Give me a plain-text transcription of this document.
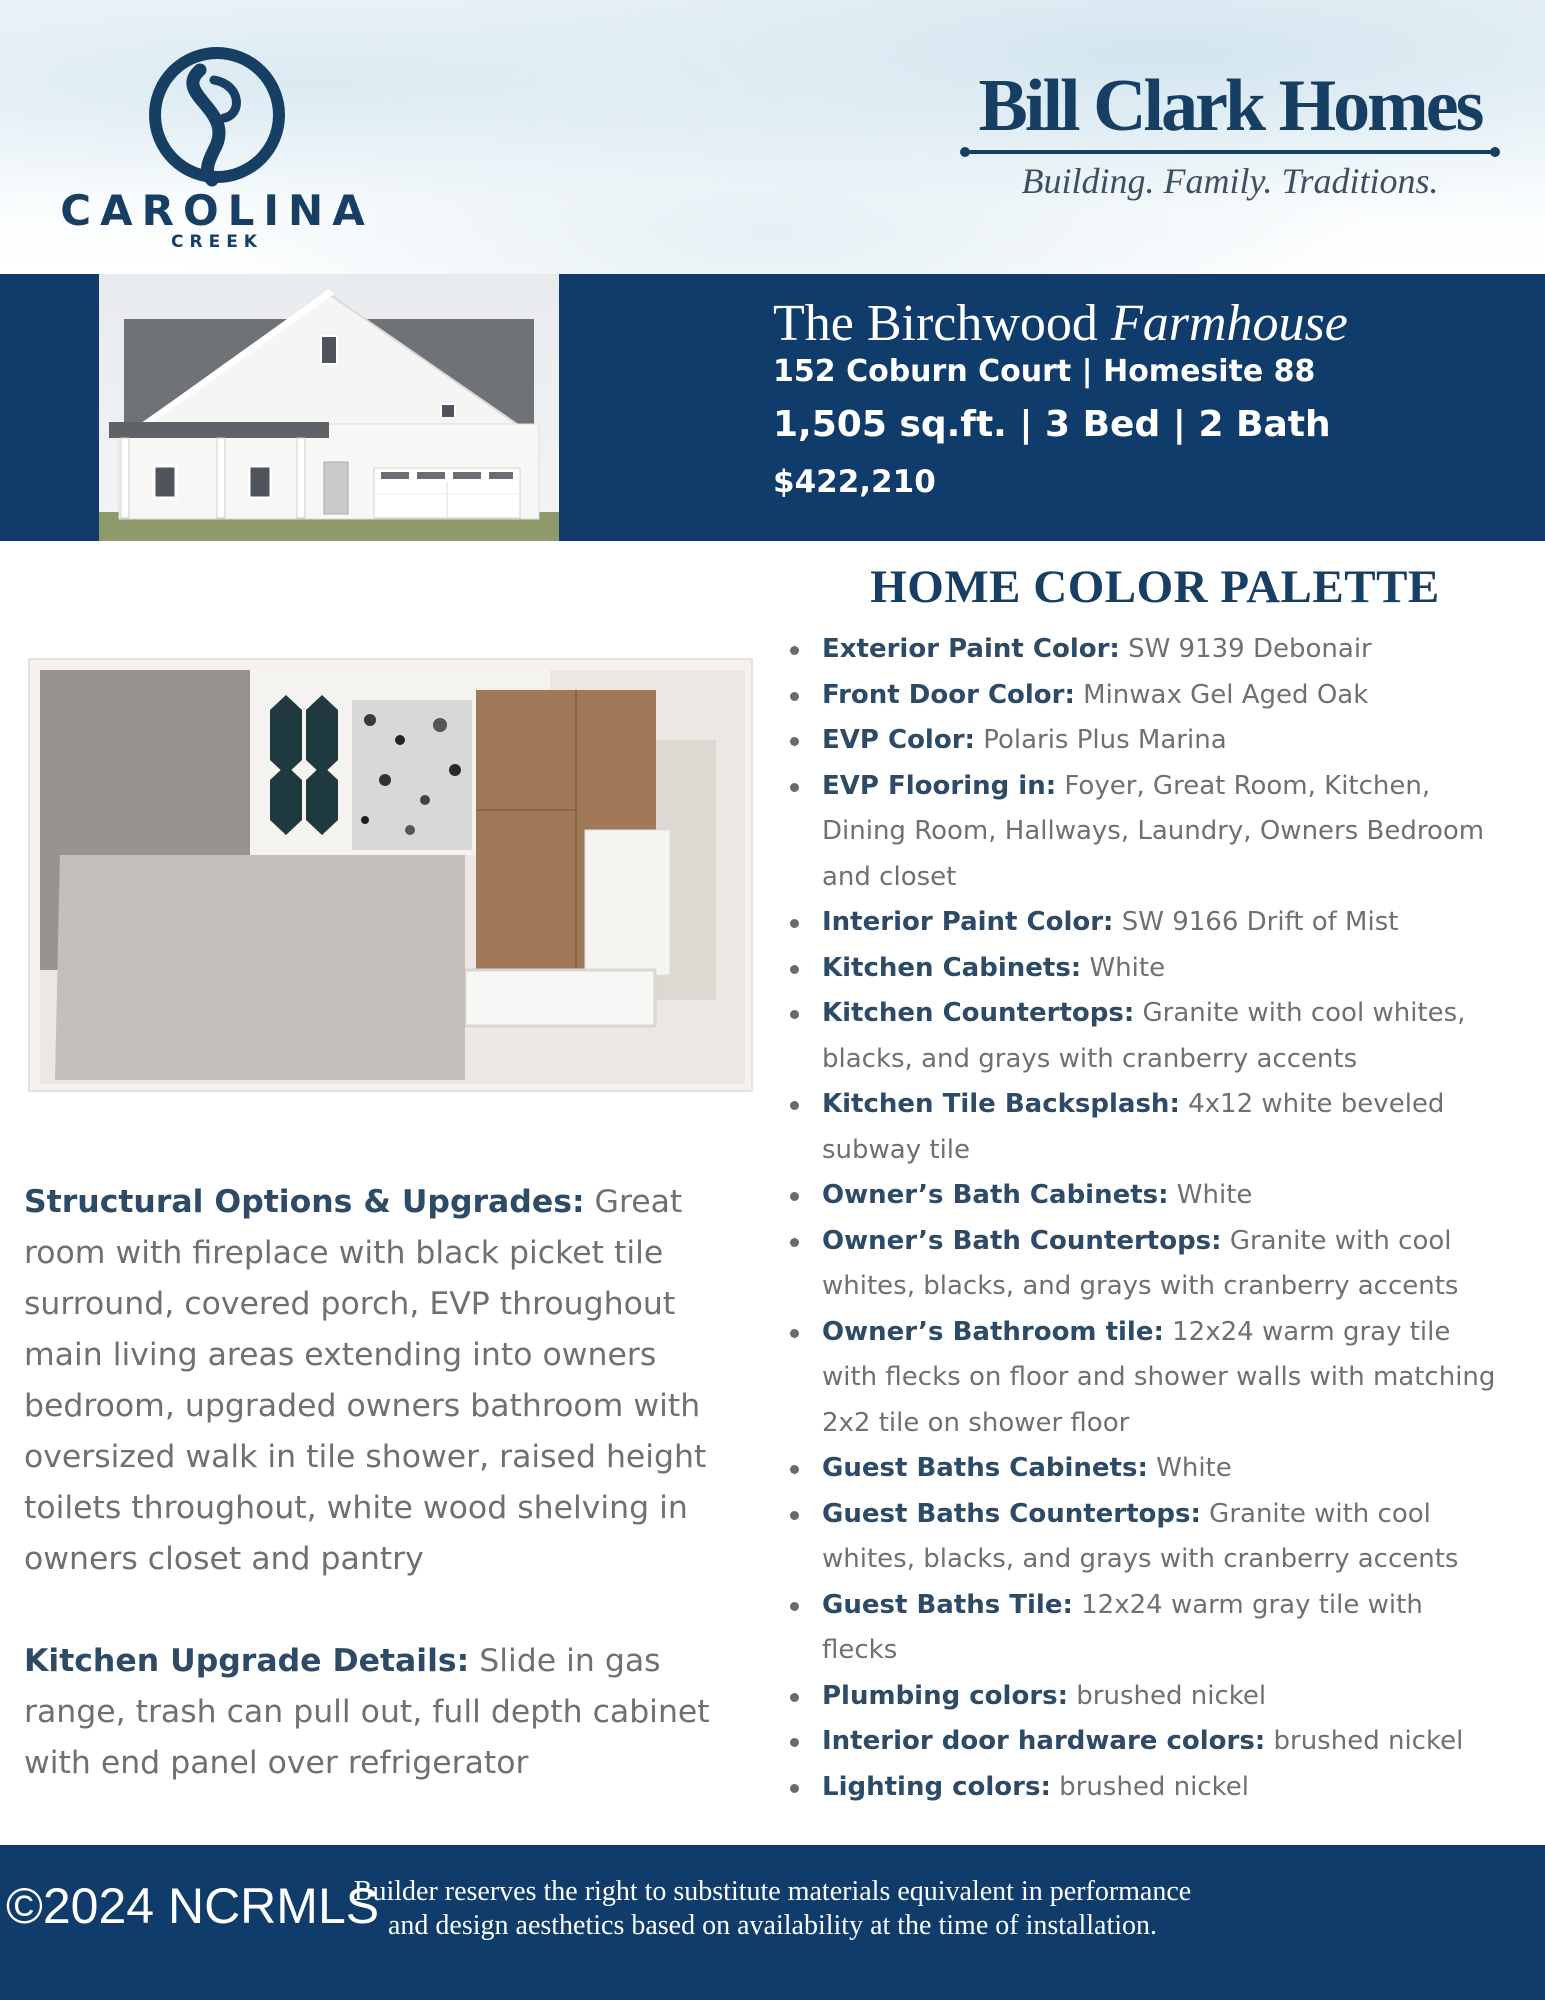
CAROLINA
CREEK
Bill Clark Homes
Building. Family. Traditions.
The Birchwood Farmhouse
152 Coburn Court | Homesite 88
1,505 sq.ft. | 3 Bed | 2 Bath
$422,210
HOME COLOR PALETTE

Structural Options & Upgrades: Great room with fireplace with black picket tile surround, covered porch, EVP throughout main living areas extending into owners bedroom, upgraded owners bathroom with oversized walk in tile shower, raised height toilets throughout, white wood shelving in owners closet and pantry

Kitchen Upgrade Details: Slide in gas range, trash can pull out, full depth cabinet with end panel over refrigerator

Exterior Paint Color: SW 9139 Debonair
Front Door Color: Minwax Gel Aged Oak
EVP Color: Polaris Plus Marina
EVP Flooring in: Foyer, Great Room, Kitchen, Dining Room, Hallways, Laundry, Owners Bedroom and closet
Interior Paint Color: SW 9166 Drift of Mist
Kitchen Cabinets: White
Kitchen Countertops: Granite with cool whites, blacks, and grays with cranberry accents
Kitchen Tile Backsplash: 4x12 white beveled subway tile
Owner’s Bath Cabinets: White
Owner’s Bath Countertops: Granite with cool whites, blacks, and grays with cranberry accents
Owner’s Bathroom tile: 12x24 warm gray tile with flecks on floor and shower walls with matching 2x2 tile on shower floor
Guest Baths Cabinets: White
Guest Baths Countertops: Granite with cool whites, blacks, and grays with cranberry accents
Guest Baths Tile: 12x24 warm gray tile with flecks
Plumbing colors: brushed nickel
Interior door hardware colors: brushed nickel
Lighting colors: brushed nickel
Builder reserves the right to substitute materials equivalent in performance
and design aesthetics based on availability at the time of installation.
©2024 NCRMLS
